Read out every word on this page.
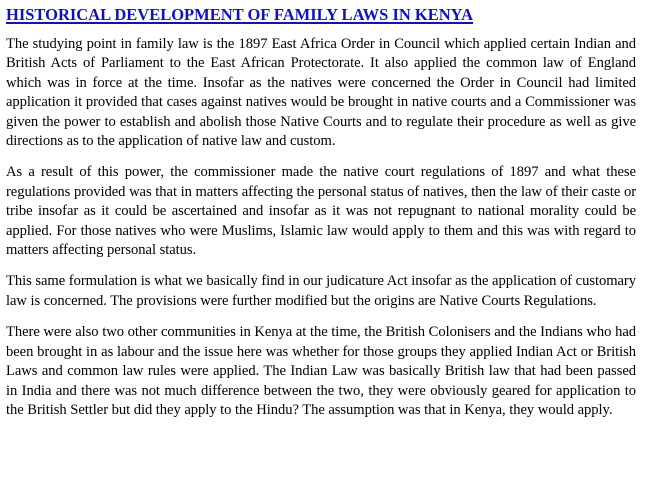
HISTORICAL DEVELOPMENT OF FAMILY LAWS IN KENYA

The studying point in family law is the 1897 East Africa Order in Council which applied certain Indian and British Acts of Parliament to the East African Protectorate. It also applied the common law of England which was in force at the time. Insofar as the natives were concerned the Order in Council had limited application it provided that cases against natives would be brought in native courts and a Commissioner was given the power to establish and abolish those Native Courts and to regulate their procedure as well as give directions as to the application of native law and custom.

As a result of this power, the commissioner made the native court regulations of 1897 and what these regulations provided was that in matters affecting the personal status of natives, then the law of their caste or tribe insofar as it could be ascertained and insofar as it was not repugnant to national morality could be applied. For those natives who were Muslims, Islamic law would apply to them and this was with regard to matters affecting personal status.

This same formulation is what we basically find in our judicature Act insofar as the application of customary law is concerned. The provisions were further modified but the origins are Native Courts Regulations.

There were also two other communities in Kenya at the time, the British Colonisers and the Indians who had been brought in as labour and the issue here was whether for those groups they applied Indian Act or British Laws and common law rules were applied. The Indian Law was basically British law that had been passed in India and there was not much difference between the two, they were obviously geared for application to the British Settler but did they apply to the Hindu? The assumption was that in Kenya, they would apply.
